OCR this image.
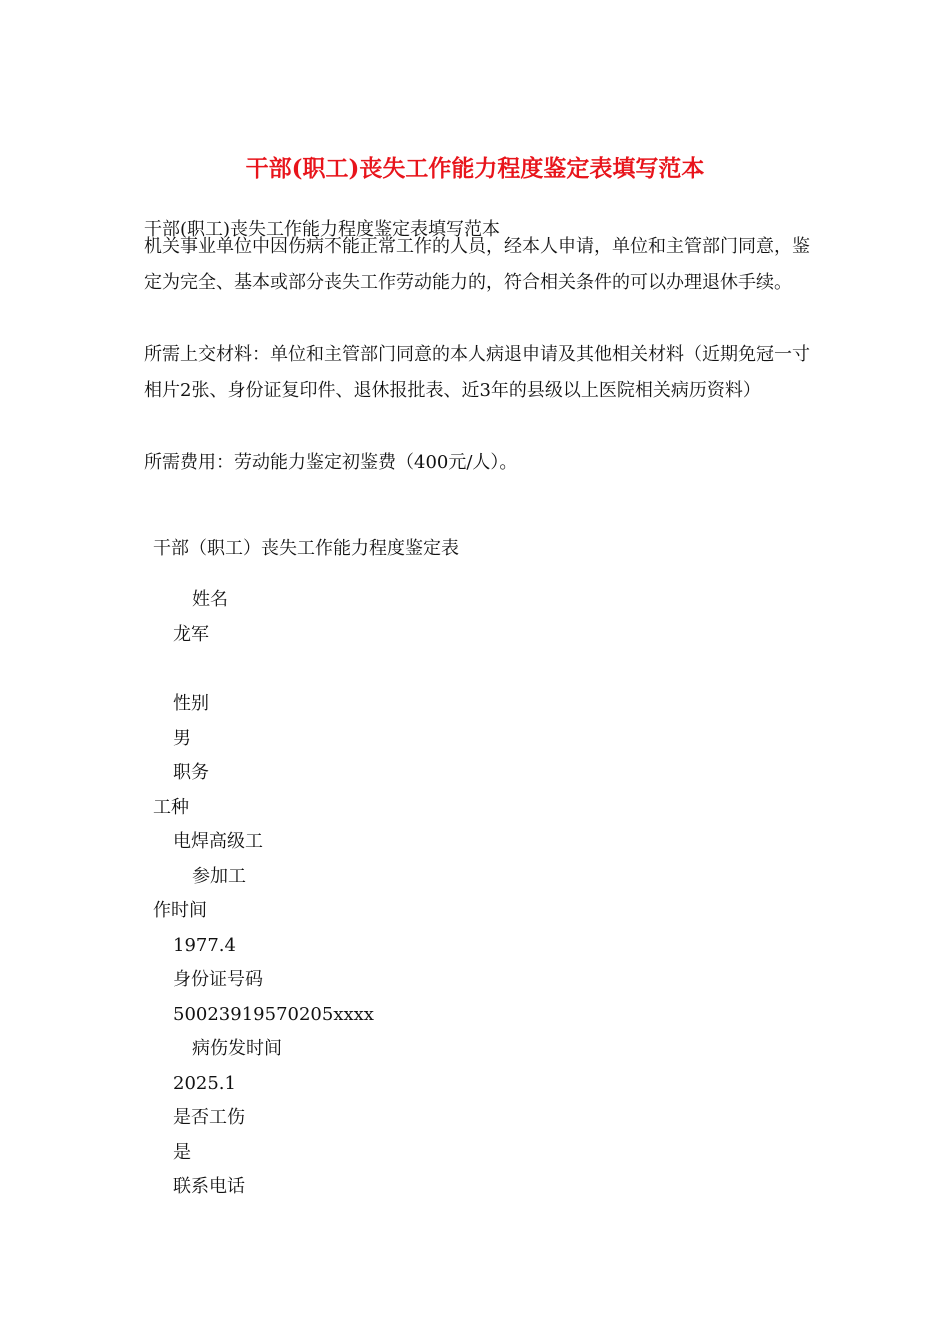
干部(职工)丧失工作能力程度鉴定表填写范本

干部(职工)丧失工作能力程度鉴定表填写范本

机关事业单位中因伤病不能正常工作的人员，经本人申请，单位和主管部门同意，鉴定为完全、基本或部分丧失工作劳动能力的，符合相关条件的可以办理退休手续。

所需上交材料：单位和主管部门同意的本人病退申请及其他相关材料（近期免冠一寸相片2张、身份证复印件、退休报批表、近3年的县级以上医院相关病历资料）

所需费用：劳动能力鉴定初鉴费（400元/人）。

干部（职工）丧失工作能力程度鉴定表

姓名
龙军
性别
男
职务
工种
电焊高级工
参加工
作时间
1977.4
身份证号码
50023919570205xxxx
病伤发时间
2025.1
是否工伤
是
联系电话
